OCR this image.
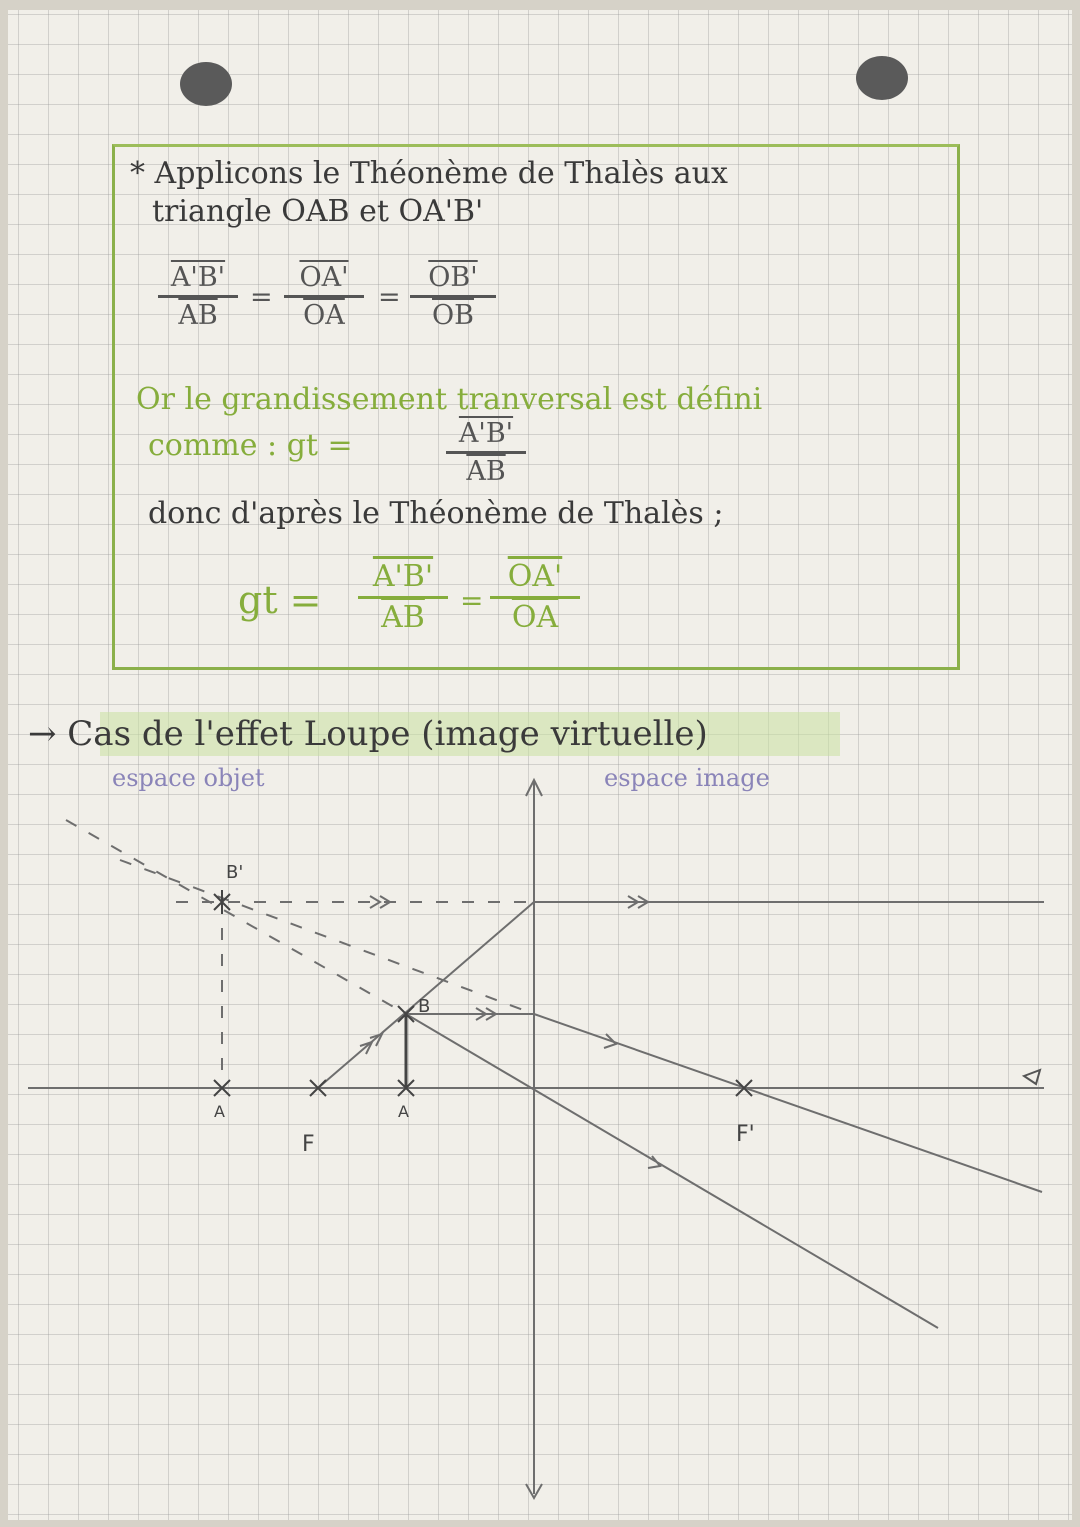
* Applicons le Théonème de Thalès aux
triangle OAB et OA'B'
$\frac{A'B'}{AB} = \frac{OA'}{OA} = \frac{OB'}{OB}$
Or le grandissement tranversal est défini
comme : gt =	$\frac{A'B'}{AB}$
donc d'après le Théonème de Thalès ;
gt = $\frac{A'B'}{AB} = \frac{OA'}{OA}$
→ Cas de l'effet Loupe (image virtuelle)
espace objet	espace image
B'
B
A	A
F	F'
